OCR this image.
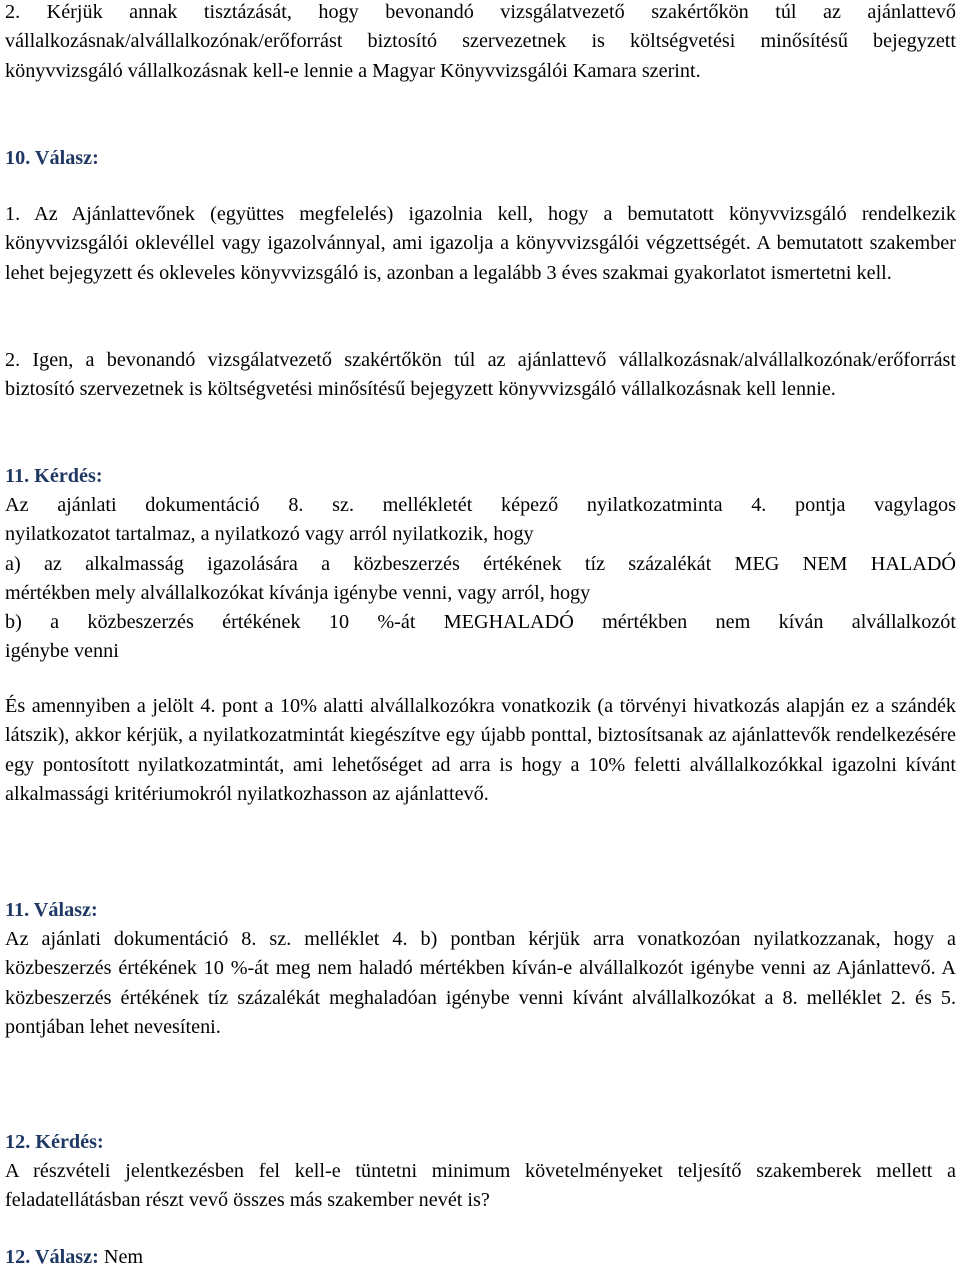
2. Kérjük annak tisztázását, hogy bevonandó vizsgálatvezető szakértőkön túl az ajánlattevő vállalkozásnak/alvállalkozónak/erőforrást biztosító szervezetnek is költségvetési minősítésű bejegyzett könyvvizsgáló vállalkozásnak kell-e lennie a Magyar Könyvvizsgálói Kamara szerint.

10. Válasz:

1. Az Ajánlattevőnek (együttes megfelelés) igazolnia kell, hogy a bemutatott könyvvizsgáló rendelkezik könyvvizsgálói oklevéllel vagy igazolvánnyal, ami igazolja a könyvvizsgálói végzettségét. A bemutatott szakember lehet bejegyzett és okleveles könyvvizsgáló is, azonban a legalább 3 éves szakmai gyakorlatot ismertetni kell.

2. Igen, a bevonandó vizsgálatvezető szakértőkön túl az ajánlattevő vállalkozásnak/alvállalkozónak/erőforrást biztosító szervezetnek is költségvetési minősítésű bejegyzett könyvvizsgáló vállalkozásnak kell lennie.

11. Kérdés:
Az ajánlati dokumentáció 8. sz. mellékletét képező nyilatkozatminta 4. pontja vagylagos
nyilatkozatot tartalmaz, a nyilatkozó vagy arról nyilatkozik, hogy
a) az alkalmasság igazolására a közbeszerzés értékének tíz százalékát MEG NEM HALADÓ
mértékben mely alvállalkozókat kívánja igénybe venni, vagy arról, hogy
b) a közbeszerzés értékének 10 %-át MEGHALADÓ mértékben nem kíván alvállalkozót
igénybe venni

És amennyiben a jelölt 4. pont a 10% alatti alvállalkozókra vonatkozik (a törvényi hivatkozás alapján ez a szándék látszik), akkor kérjük, a nyilatkozatmintát kiegészítve egy újabb ponttal, biztosítsanak az ajánlattevők rendelkezésére egy pontosított nyilatkozatmintát, ami lehetőséget ad arra is hogy a 10% feletti alvállalkozókkal igazolni kívánt alkalmassági kritériumokról nyilatkozhasson az ajánlattevő.

11. Válasz:

Az ajánlati dokumentáció 8. sz. melléklet 4. b) pontban kérjük arra vonatkozóan nyilatkozzanak, hogy a közbeszerzés értékének 10 %-át meg nem haladó mértékben kíván-e alvállalkozót igénybe venni az Ajánlattevő. A közbeszerzés értékének tíz százalékát meghaladóan igénybe venni kívánt alvállalkozókat a 8. melléklet 2. és 5. pontjában lehet nevesíteni.

12. Kérdés:

A részvételi jelentkezésben fel kell-e tüntetni minimum követelményeket teljesítő szakemberek mellett a feladatellátásban részt vevő összes más szakember nevét is?

12. Válasz: Nem
